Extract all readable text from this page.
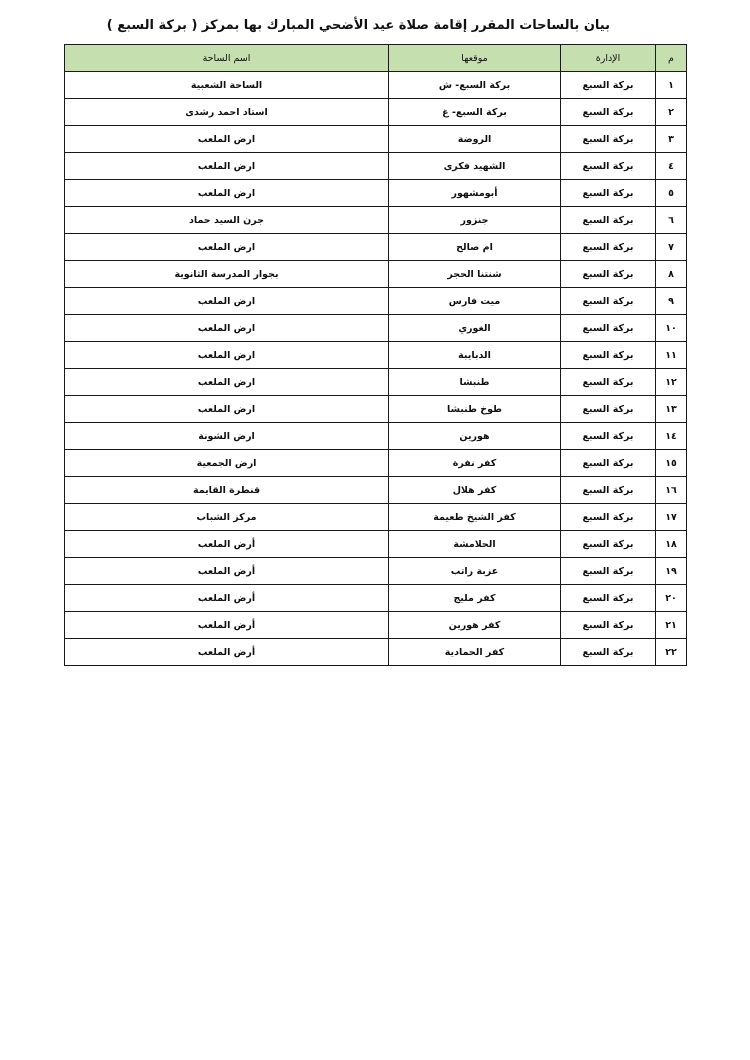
بيان بالساحات المقرر إقامة صلاة عيد الأضحي المبارك بها بمركز ( بركة السبع )
م	الإدارة	موقعها	اسم الساحة
١	بركة السبع	بركة السبع- ش	الساحة الشعبية
٢	بركة السبع	بركة السبع- غ	استاد احمد رشدى
٣	بركة السبع	الروضة	ارض الملعب
٤	بركة السبع	الشهيد فكرى	ارض الملعب
٥	بركة السبع	أبومشهور	ارض الملعب
٦	بركة السبع	جنزور	جرن السيد حماد
٧	بركة السبع	ام صالح	ارض الملعب
٨	بركة السبع	شنتنا الحجر	بجوار المدرسة الثانوية
٩	بركة السبع	ميت فارس	ارض الملعب
١٠	بركة السبع	الغوري	ارض الملعب
١١	بركة السبع	الدبايبة	ارض الملعب
١٢	بركة السبع	طنبشا	ارض الملعب
١٣	بركة السبع	طوخ طنبشا	ارض الملعب
١٤	بركة السبع	هورين	ارض الشونة
١٥	بركة السبع	كفر نفرة	ارض الجمعية
١٦	بركة السبع	كفر هلال	قنطرة القايمة
١٧	بركة السبع	كفر الشيخ طعيمة	مركز الشباب
١٨	بركة السبع	الحلامشة	أرض الملعب
١٩	بركة السبع	عزبة راتب	أرض الملعب
٢٠	بركة السبع	كفر مليج	أرض الملعب
٢١	بركة السبع	كفر هورين	أرض الملعب
٢٢	بركة السبع	كفر الحمادية	أرض الملعب
